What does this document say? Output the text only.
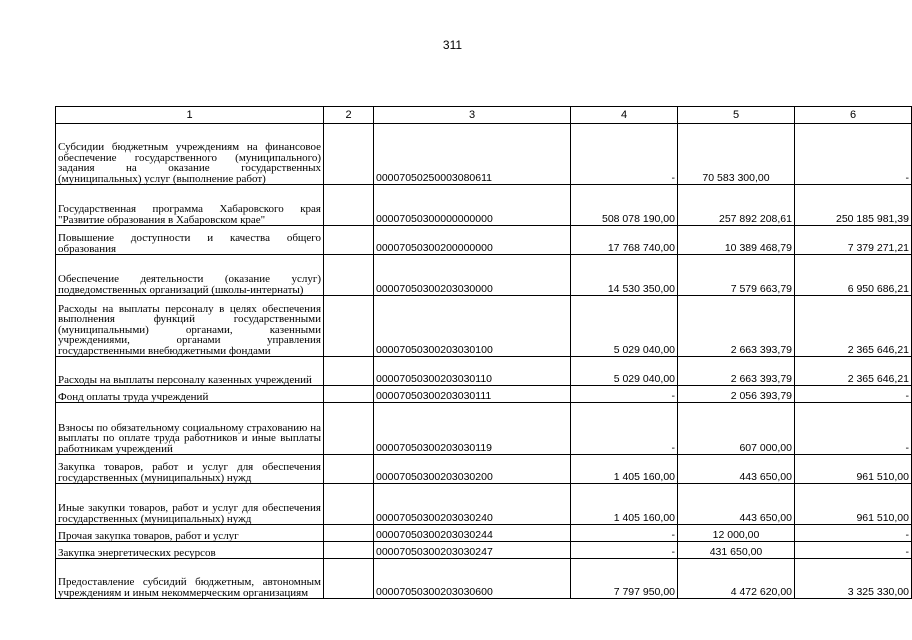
311
1	2	3	4	5	6
Субсидии бюджетным учреждениям на финансовое обеспечение государственного (муниципального) задания на оказание государственных (муниципальных) услуг (выполнение работ)		00007050250003080611	-	70 583 300,00	-
Государственная программа Хабаровского края "Развитие образования в Хабаровском крае"		00007050300000000000	508 078 190,00	257 892 208,61	250 185 981,39
Повышение доступности и качества общего образования		00007050300200000000	17 768 740,00	10 389 468,79	7 379 271,21
Обеспечение деятельности (оказание услуг) подведомственных организаций (школы-интернаты)		00007050300203030000	14 530 350,00	7 579 663,79	6 950 686,21
Расходы на выплаты персоналу в целях обеспечения выполнения функций государственными (муниципальными) органами, казенными учреждениями, органами управления государственными внебюджетными фондами		00007050300203030100	5 029 040,00	2 663 393,79	2 365 646,21
Расходы на выплаты персоналу казенных учреждений		00007050300203030110	5 029 040,00	2 663 393,79	2 365 646,21
Фонд оплаты труда учреждений		00007050300203030111	-	2 056 393,79	-
Взносы по обязательному социальному страхованию на выплаты по оплате труда работников и иные выплаты работникам учреждений		00007050300203030119	-	607 000,00	-
Закупка товаров, работ и услуг для обеспечения государственных (муниципальных) нужд		00007050300203030200	1 405 160,00	443 650,00	961 510,00
Иные закупки товаров, работ и услуг для обеспечения государственных (муниципальных) нужд		00007050300203030240	1 405 160,00	443 650,00	961 510,00
Прочая закупка товаров, работ и услуг		00007050300203030244	-	12 000,00	-
Закупка энергетических ресурсов		00007050300203030247	-	431 650,00	-
Предоставление субсидий бюджетным, автономным учреждениям и иным некоммерческим организациям		00007050300203030600	7 797 950,00	4 472 620,00	3 325 330,00
